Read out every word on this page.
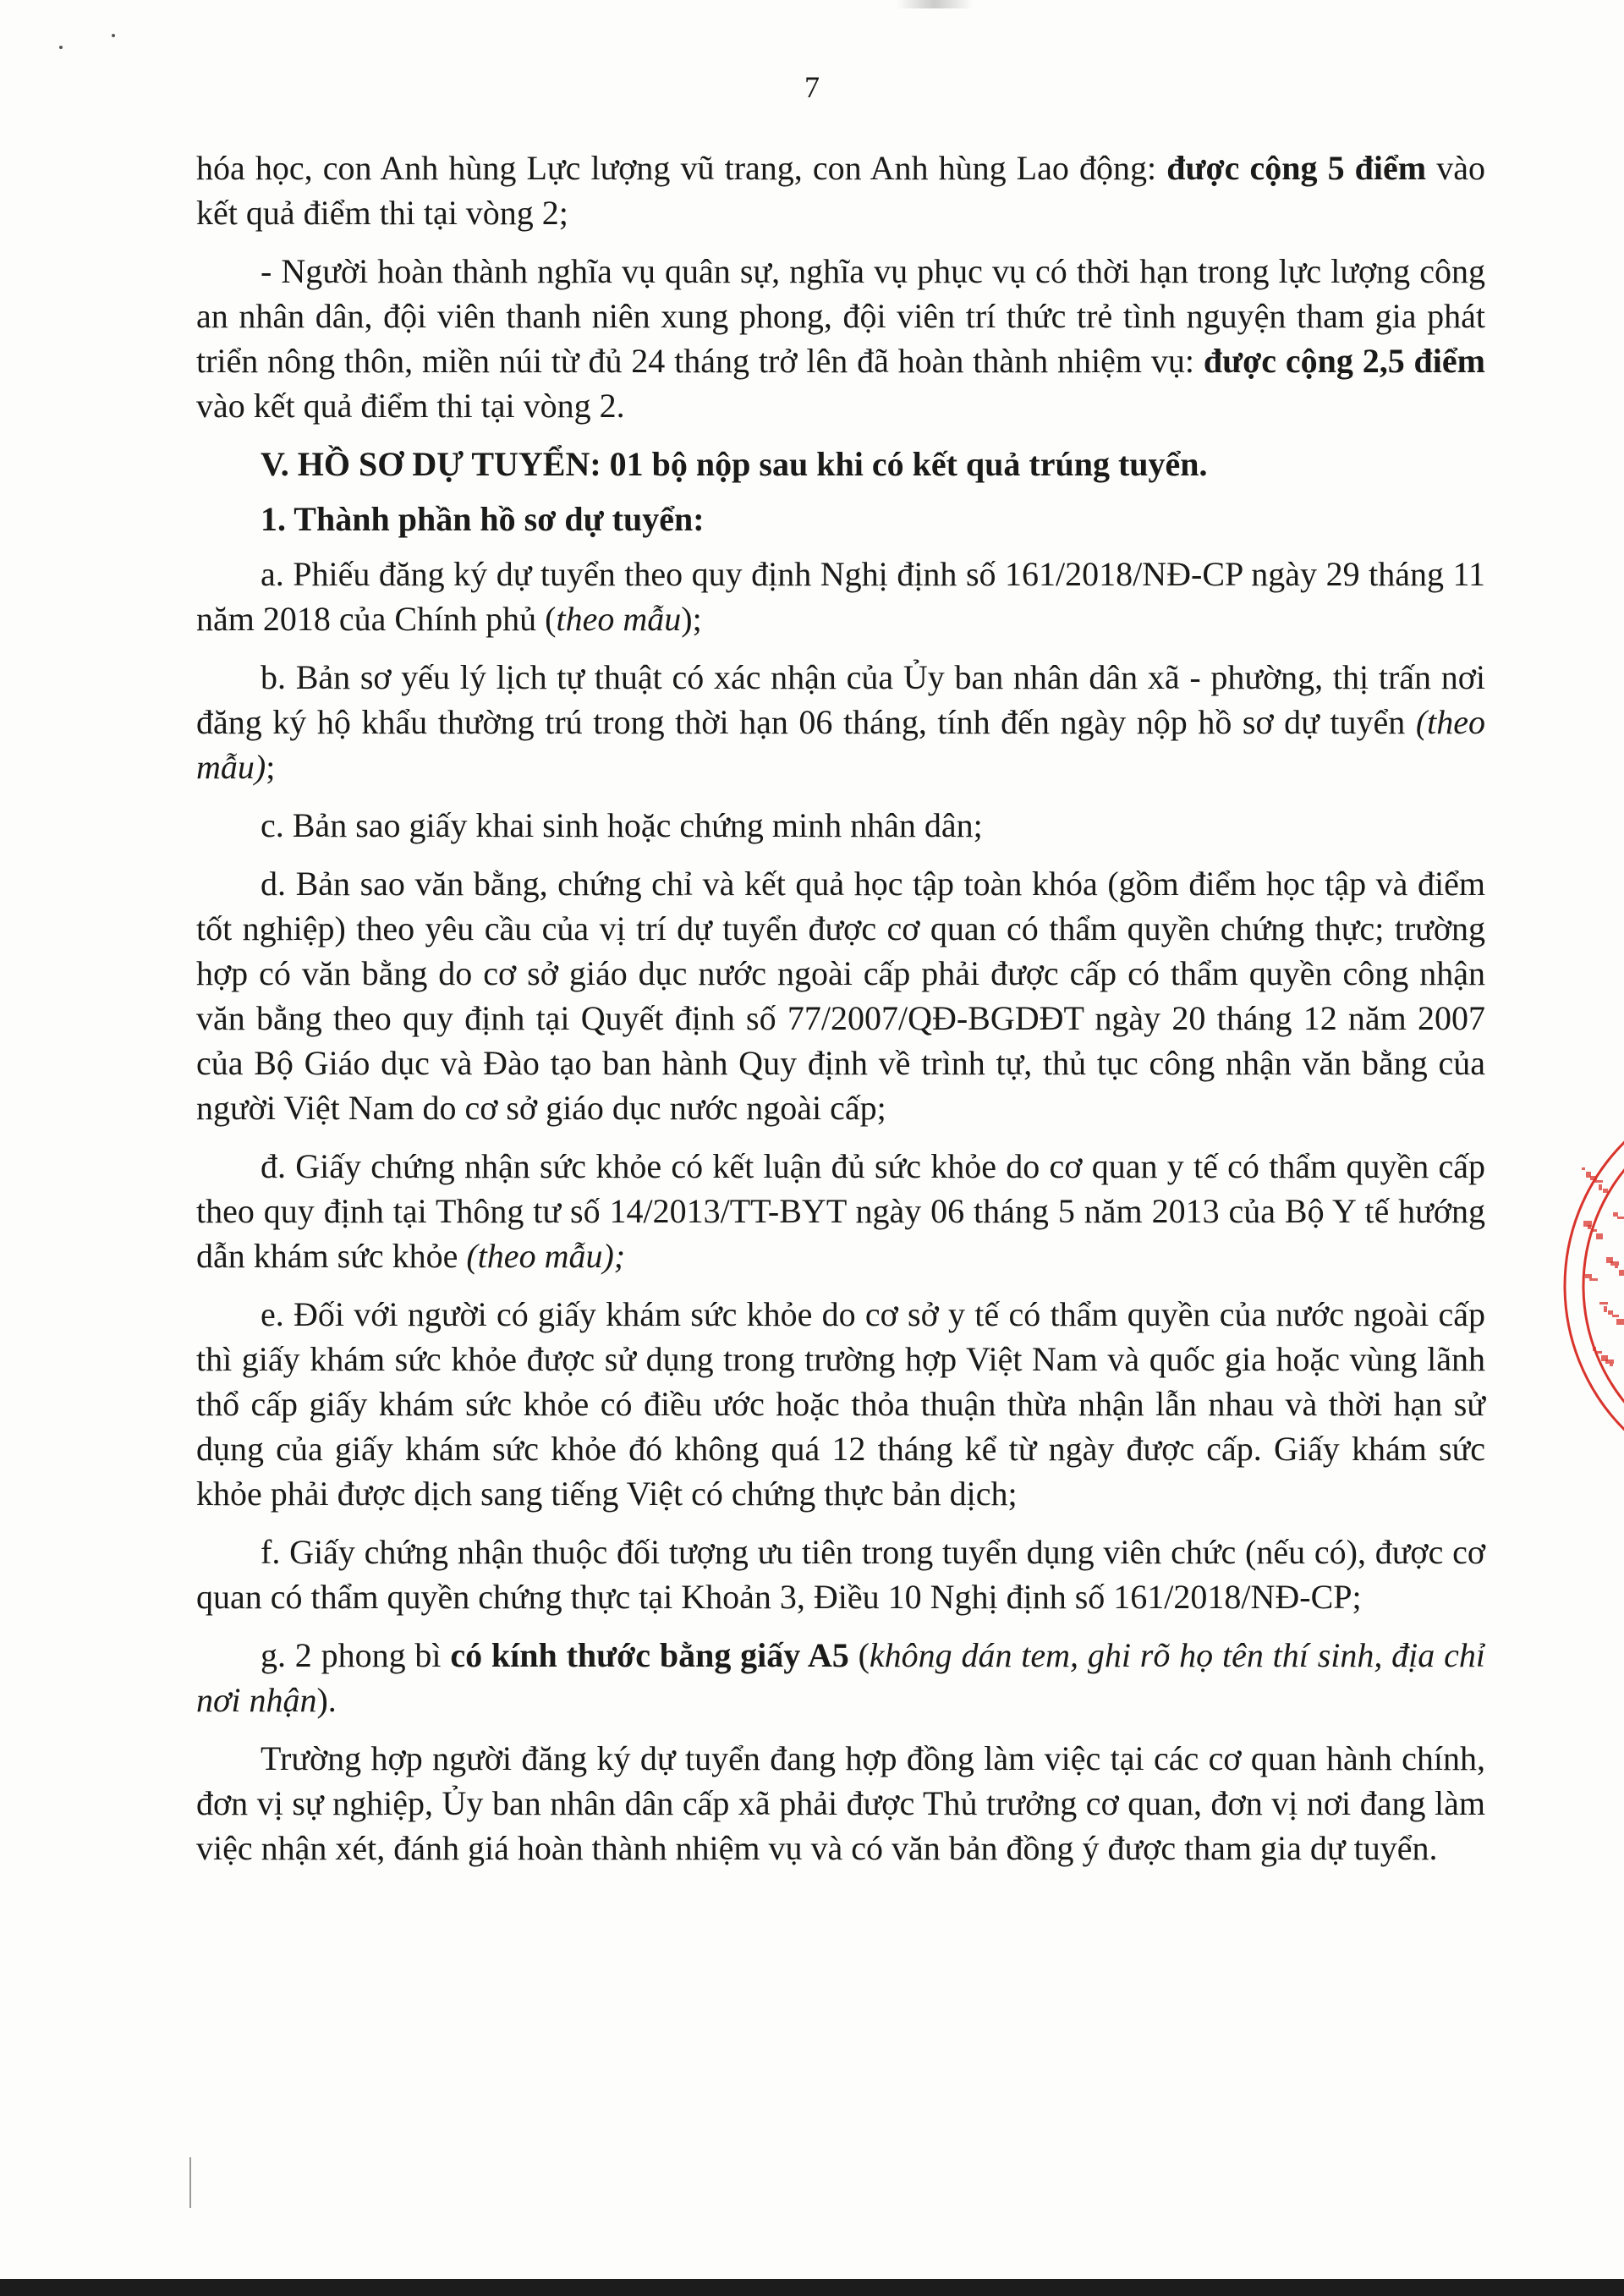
7

hóa học, con Anh hùng Lực lượng vũ trang, con Anh hùng Lao động: được cộng 5 điểm vào kết quả điểm thi tại vòng 2;

- Người hoàn thành nghĩa vụ quân sự, nghĩa vụ phục vụ có thời hạn trong lực lượng công an nhân dân, đội viên thanh niên xung phong, đội viên trí thức trẻ tình nguyện tham gia phát triển nông thôn, miền núi từ đủ 24 tháng trở lên đã hoàn thành nhiệm vụ: được cộng 2,5 điểm vào kết quả điểm thi tại vòng 2.

V. HỒ SƠ DỰ TUYỂN: 01 bộ nộp sau khi có kết quả trúng tuyển.

1. Thành phần hồ sơ dự tuyển:

a. Phiếu đăng ký dự tuyển theo quy định Nghị định số 161/2018/NĐ-CP ngày 29 tháng 11 năm 2018 của Chính phủ (theo mẫu);

b. Bản sơ yếu lý lịch tự thuật có xác nhận của Ủy ban nhân dân xã - phường, thị trấn nơi đăng ký hộ khẩu thường trú trong thời hạn 06 tháng, tính đến ngày nộp hồ sơ dự tuyển (theo mẫu);

c. Bản sao giấy khai sinh hoặc chứng minh nhân dân;

d. Bản sao văn bằng, chứng chỉ và kết quả học tập toàn khóa (gồm điểm học tập và điểm tốt nghiệp) theo yêu cầu của vị trí dự tuyển được cơ quan có thẩm quyền chứng thực; trường hợp có văn bằng do cơ sở giáo dục nước ngoài cấp phải được cấp có thẩm quyền công nhận văn bằng theo quy định tại Quyết định số 77/2007/QĐ-BGDĐT ngày 20 tháng 12 năm 2007 của Bộ Giáo dục và Đào tạo ban hành Quy định về trình tự, thủ tục công nhận văn bằng của người Việt Nam do cơ sở giáo dục nước ngoài cấp;

đ. Giấy chứng nhận sức khỏe có kết luận đủ sức khỏe do cơ quan y tế có thẩm quyền cấp theo quy định tại Thông tư số 14/2013/TT-BYT ngày 06 tháng 5 năm 2013 của Bộ Y tế hướng dẫn khám sức khỏe (theo mẫu);

e. Đối với người có giấy khám sức khỏe do cơ sở y tế có thẩm quyền của nước ngoài cấp thì giấy khám sức khỏe được sử dụng trong trường hợp Việt Nam và quốc gia hoặc vùng lãnh thổ cấp giấy khám sức khỏe có điều ước hoặc thỏa thuận thừa nhận lẫn nhau và thời hạn sử dụng của giấy khám sức khỏe đó không quá 12 tháng kể từ ngày được cấp. Giấy khám sức khỏe phải được dịch sang tiếng Việt có chứng thực bản dịch;

f. Giấy chứng nhận thuộc đối tượng ưu tiên trong tuyển dụng viên chức (nếu có), được cơ quan có thẩm quyền chứng thực tại Khoản 3, Điều 10 Nghị định số 161/2018/NĐ-CP;

g. 2 phong bì có kính thước bằng giấy A5 (không dán tem, ghi rõ họ tên thí sinh, địa chỉ nơi nhận).

Trường hợp người đăng ký dự tuyển đang hợp đồng làm việc tại các cơ quan hành chính, đơn vị sự nghiệp, Ủy ban nhân dân cấp xã phải được Thủ trưởng cơ quan, đơn vị nơi đang làm việc nhận xét, đánh giá hoàn thành nhiệm vụ và có văn bản đồng ý được tham gia dự tuyển.
